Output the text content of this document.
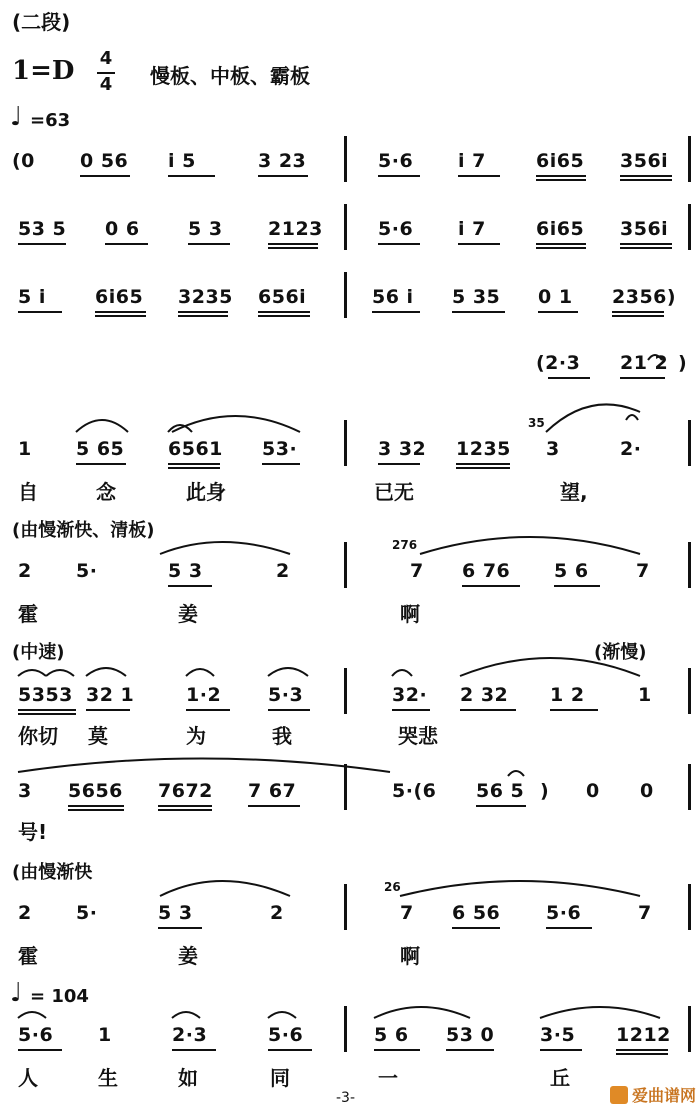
(二段)
1=D 4
4 慢板、中板、霸板
♩ =63
(0 0 56 i 5	3 23	5·6 i 7	6i65 356i
53 5 0 6	5 3 2123	5·6 i 7	6i65 356i
5 i	6i65 3235 656i	56 i 5 35 0 1 2356)
(2·3 21 2 )
1 5 65 6561 53·	3 32 1235
35
3	2·
自	念	此身	已无	望,
(由慢渐快、清板)
2 5·	5 3	2
276
7 6 76 5 6 7
霍	姜	啊
(中速)	(渐慢)
5353 32 1	1·2 5·3	32· 2 32 1 2	1
你切 莫	为	我	哭悲
3 5656 7672 7 67	5·(6 56 5 ) 0 0
号!
(由慢渐快
2 5·	5 3	2
26
7 6 56 5·6	7
霍	姜	啊
♩ = 104
5·6 1	2·3	5·6	5 6 53 0 3·5 1212
人	生	如	同	一	丘
-3-	爱曲谱网
